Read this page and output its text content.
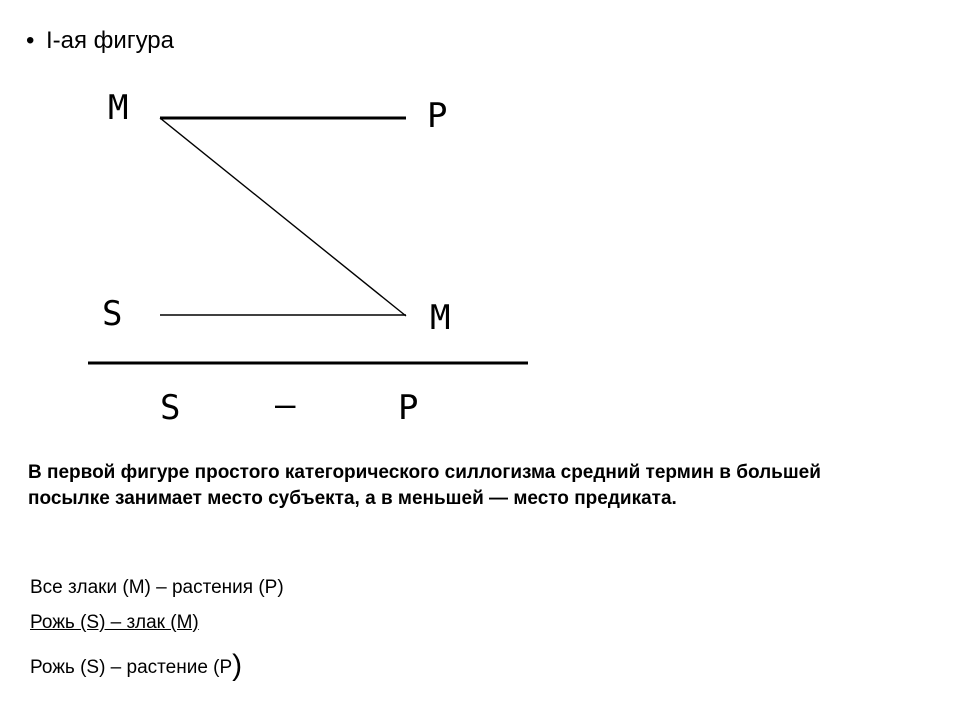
• I-ая фигура
M	P
S	M
S	–	P

В первой фигуре простого категорического силлогизма средний термин в большей посылке занимает место субъекта, а в меньшей — место предиката.

Все злаки (М) – растения (Р)
Рожь (S) – злак (М)
Рожь (S) – растение (Р)
